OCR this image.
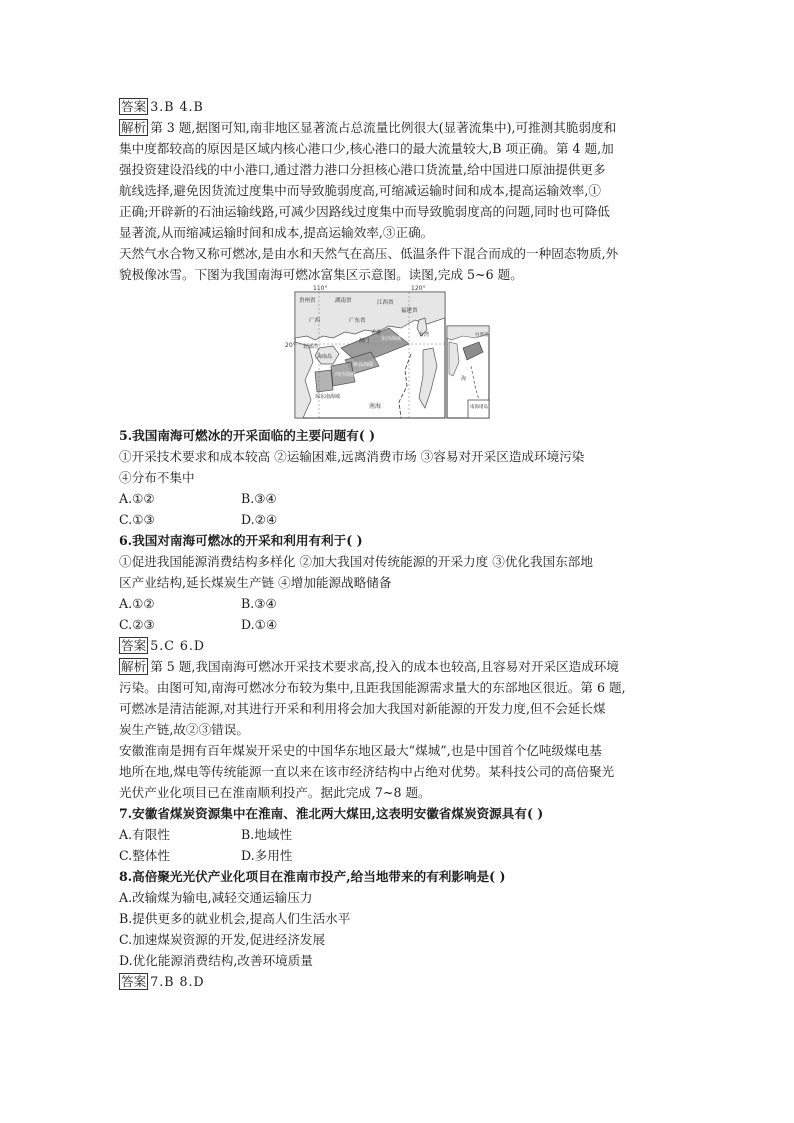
答案 3.B 4.B
解析 第 3 题,据图可知,南非地区显著流占总流量比例很大(显著流集中),可推测其脆弱度和
集中度都较高的原因是区域内核心港口少,核心港口的最大流量较大,B 项正确。第 4 题,加
强投资建设沿线的中小港口,通过潜力港口分担核心港口货流量,给中国进口原油提供更多
航线选择,避免因货流过度集中而导致脆弱度高,可缩减运输时间和成本,提高运输效率,①
正确;开辟新的石油运输线路,可减少因路线过度集中而导致脆弱度高的问题,同时也可降低
显著流,从而缩减运输时间和成本,提高运输效率,③正确。
天然气水合物又称可燃冰,是由水和天然气在高压、低温条件下混合而成的一种固态物质,外
貌极像冰雪。下图为我国南海可燃冰富集区示意图。读图,完成 5~6 题。
110°	120°
20°
贵州省	湖南省	江西省
福建省
广东省
广西
香港	台湾
北部湾
海南岛
琼东南海域
东沙海域
神狐海域
西沙海槽
南海
澳门
台湾省
海
南海诸岛
5.我国南海可燃冰的开采面临的主要问题有( )
①开采技术要求和成本较高 ②运输困难,远离消费市场 ③容易对开采区造成环境污染
④分布不集中
A.①②	B.③④
C.①③	D.②④
6.我国对南海可燃冰的开采和利用有利于( )
①促进我国能源消费结构多样化 ②加大我国对传统能源的开采力度 ③优化我国东部地
区产业结构,延长煤炭生产链 ④增加能源战略储备
A.①②	B.③④
C.②③	D.①④
答案 5.C 6.D
解析 第 5 题,我国南海可燃冰开采技术要求高,投入的成本也较高,且容易对开采区造成环境
污染。由图可知,南海可燃冰分布较为集中,且距我国能源需求量大的东部地区很近。第 6 题,
可燃冰是清洁能源,对其进行开采和利用将会加大我国对新能源的开发力度,但不会延长煤
炭生产链,故②③错误。
安徽淮南是拥有百年煤炭开采史的中国华东地区最大“煤城”,也是中国首个亿吨级煤电基
地所在地,煤电等传统能源一直以来在该市经济结构中占绝对优势。某科技公司的高倍聚光
光伏产业化项目已在淮南顺利投产。据此完成 7~8 题。
7.安徽省煤炭资源集中在淮南、淮北两大煤田,这表明安徽省煤炭资源具有( )
A.有限性	B.地域性
C.整体性	D.多用性
8.高倍聚光光伏产业化项目在淮南市投产,给当地带来的有利影响是( )
A.改输煤为输电,减轻交通运输压力
B.提供更多的就业机会,提高人们生活水平
C.加速煤炭资源的开发,促进经济发展
D.优化能源消费结构,改善环境质量
答案 7.B 8.D
